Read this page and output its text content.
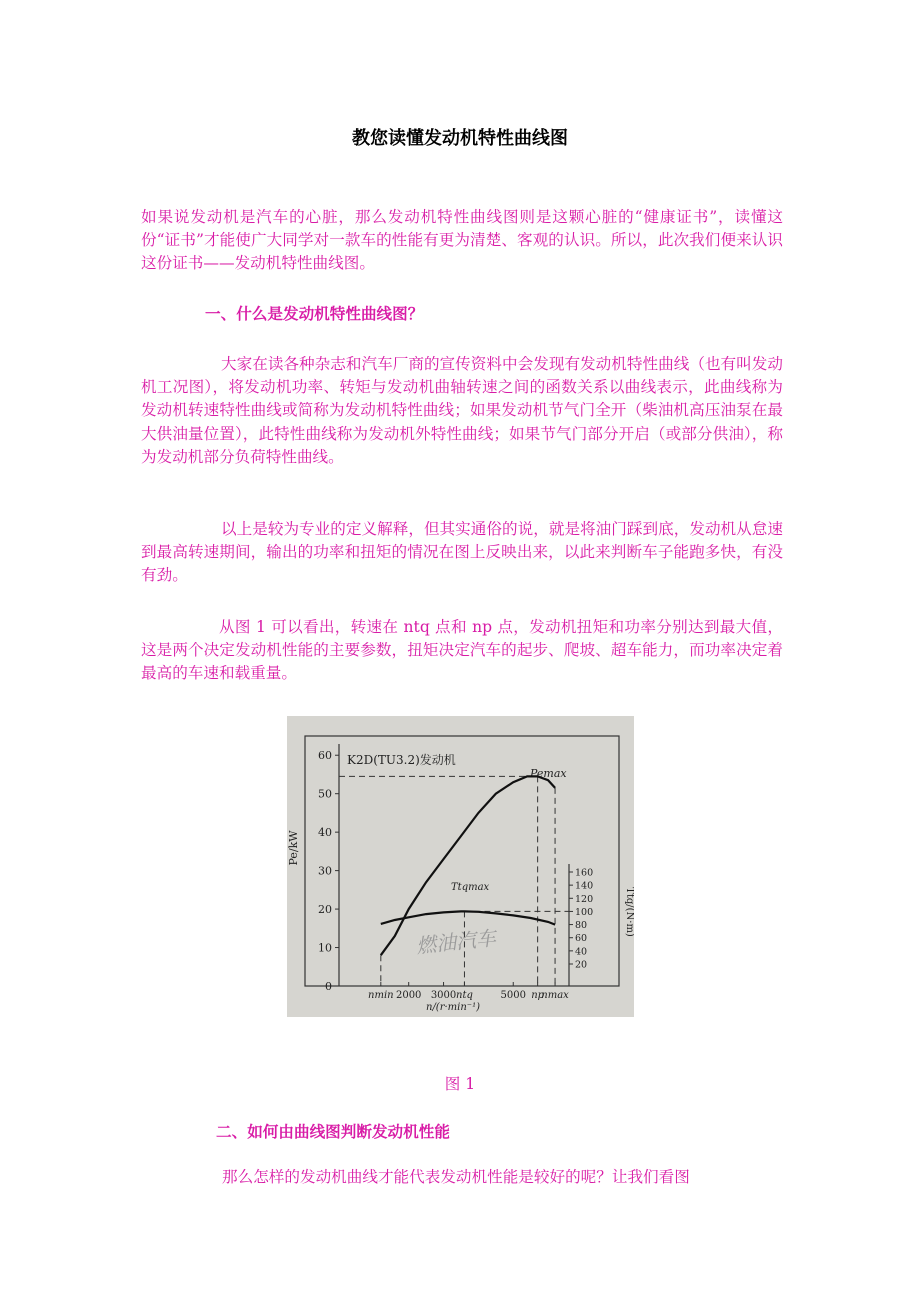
教您读懂发动机特性曲线图

如果说发动机是汽车的心脏，那么发动机特性曲线图则是这颗心脏的“健康证书”，读懂这份“证书”才能使广大同学对一款车的性能有更为清楚、客观的认识。所以，此次我们便来认识这份证书——发动机特性曲线图。

一、什么是发动机特性曲线图？

大家在读各种杂志和汽车厂商的宣传资料中会发现有发动机特性曲线（也有叫发动机工况图），将发动机功率、转矩与发动机曲轴转速之间的函数关系以曲线表示，此曲线称为发动机转速特性曲线或简称为发动机特性曲线；如果发动机节气门全开（柴油机高压油泵在最大供油量位置），此特性曲线称为发动机外特性曲线；如果节气门部分开启（或部分供油），称为发动机部分负荷特性曲线。

以上是较为专业的定义解释，但其实通俗的说，就是将油门踩到底，发动机从怠速到最高转速期间，输出的功率和扭矩的情况在图上反映出来，以此来判断车子能跑多快，有没有劲。

从图 1 可以看出，转速在 ntq 点和 np 点，发动机扭矩和功率分别达到最大值，这是两个决定发动机性能的主要参数，扭矩决定汽车的起步、爬坡、超车能力，而功率决定着最高的车速和载重量。

燃油汽车
K2D(TU3.2)发动机
Pe/kW
Ttq/(N·m)
n/(r·min⁻¹)
Pemax
Ttqmax
0
10
20
30
40
50
60
20
40
60
80
100
120
140
160
nmin 2000 3000 ntq	5000 np
nmax
图 1
二、如何由曲线图判断发动机性能

那么怎样的发动机曲线才能代表发动机性能是较好的呢？让我们看图
